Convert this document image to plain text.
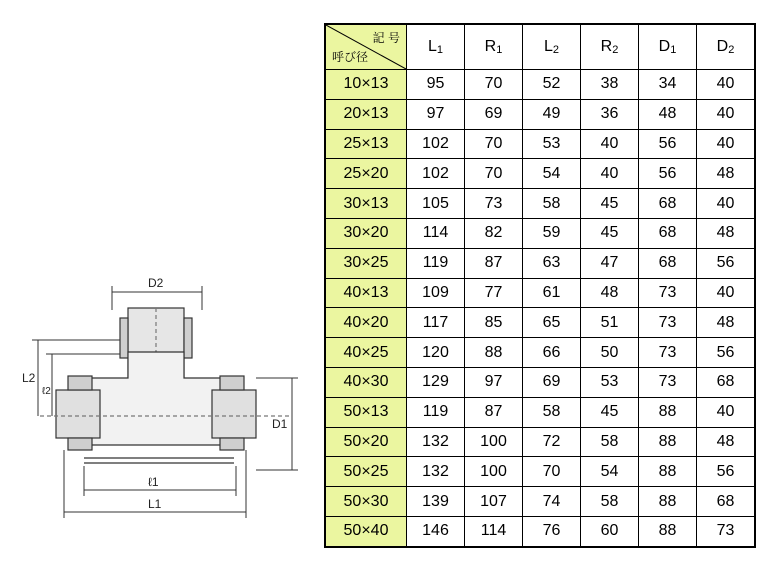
D2
L2
ℓ2
D1
ℓ1
L1
記 号
呼び径	L1	R1	L2	R2	D1	D2
10×13	95	70	52	38	34	40
20×13	97	69	49	36	48	40
25×13	102	70	53	40	56	40
25×20	102	70	54	40	56	48
30×13	105	73	58	45	68	40
30×20	114	82	59	45	68	48
30×25	119	87	63	47	68	56
40×13	109	77	61	48	73	40
40×20	117	85	65	51	73	48
40×25	120	88	66	50	73	56
40×30	129	97	69	53	73	68
50×13	119	87	58	45	88	40
50×20	132	100	72	58	88	48
50×25	132	100	70	54	88	56
50×30	139	107	74	58	88	68
50×40	146	114	76	60	88	73
